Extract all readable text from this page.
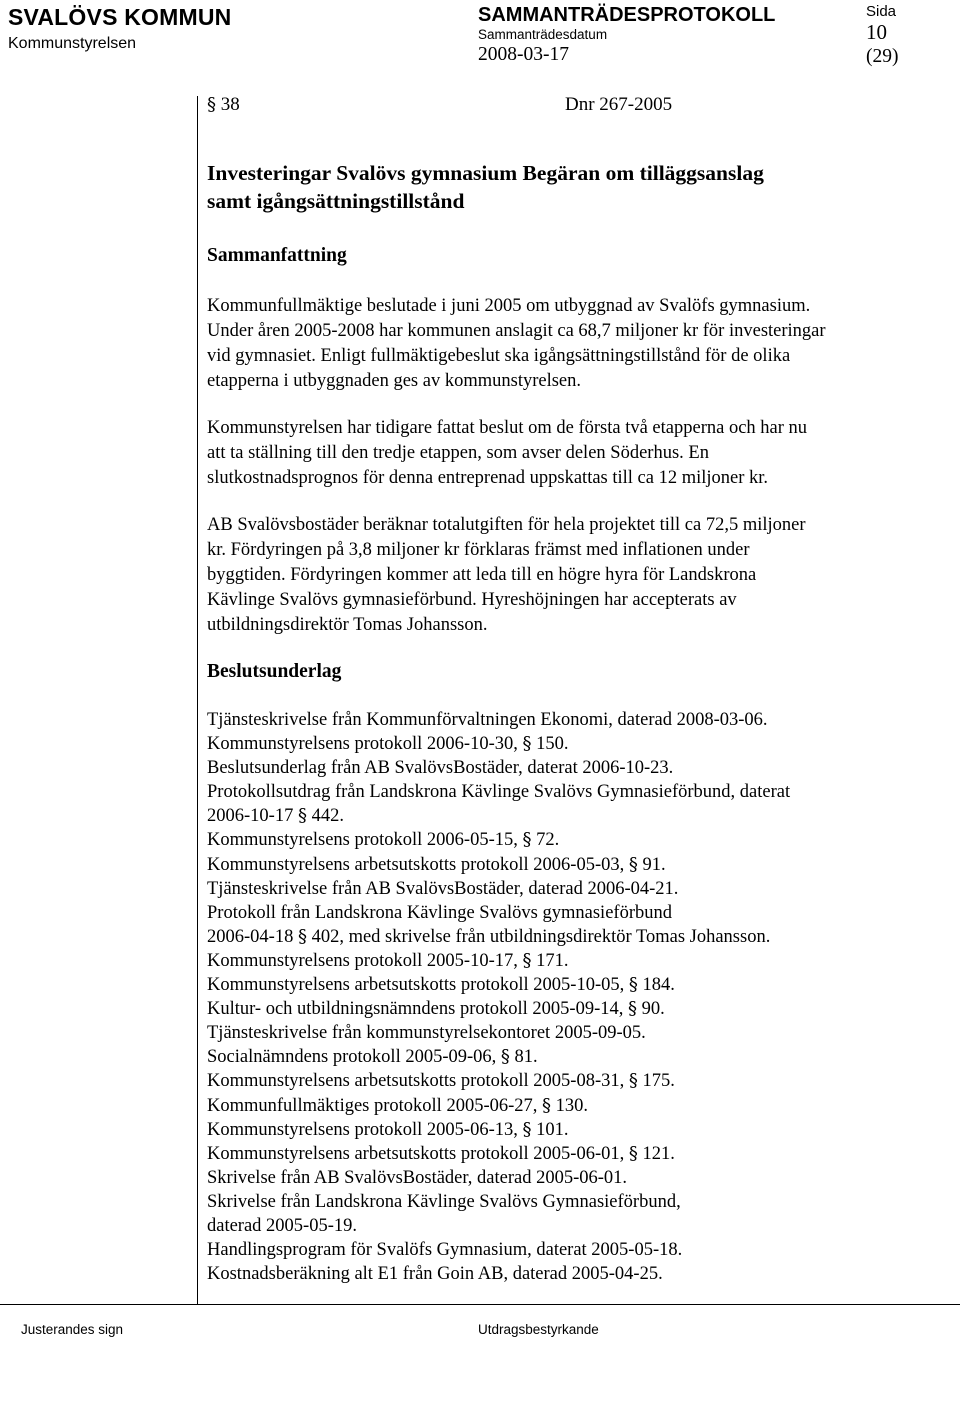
SVALÖVS KOMMUN
Kommunstyrelsen
SAMMANTRÄDESPROTOKOLL
Sammanträdesdatum
2008-03-17
Sida
10
(29)
§ 38	Dnr 267-2005
Investeringar Svalövs gymnasium Begäran om tilläggsanslag
samt igångsättningstillstånd
Sammanfattning
Kommunfullmäktige beslutade i juni 2005 om utbyggnad av Svalöfs gymnasium.
Under åren 2005-2008 har kommunen anslagit ca 68,7 miljoner kr för investeringar
vid gymnasiet. Enligt fullmäktigebeslut ska igångsättningstillstånd för de olika
etapperna i utbyggnaden ges av kommunstyrelsen.
Kommunstyrelsen har tidigare fattat beslut om de första två etapperna och har nu
att ta ställning till den tredje etappen, som avser delen Söderhus. En
slutkostnadsprognos för denna entreprenad uppskattas till ca 12 miljoner kr.
AB Svalövsbostäder beräknar totalutgiften för hela projektet till ca 72,5 miljoner
kr. Fördyringen på 3,8 miljoner kr förklaras främst med inflationen under
byggtiden. Fördyringen kommer att leda till en högre hyra för Landskrona
Kävlinge Svalövs gymnasieförbund. Hyreshöjningen har accepterats av
utbildningsdirektör Tomas Johansson.
Beslutsunderlag
Tjänsteskrivelse från Kommunförvaltningen Ekonomi, daterad 2008-03-06.
Kommunstyrelsens protokoll 2006-10-30, § 150.
Beslutsunderlag från AB SvalövsBostäder, daterat 2006-10-23.
Protokollsutdrag från Landskrona Kävlinge Svalövs Gymnasieförbund, daterat
2006-10-17 § 442.
Kommunstyrelsens protokoll 2006-05-15, § 72.
Kommunstyrelsens arbetsutskotts protokoll 2006-05-03, § 91.
Tjänsteskrivelse från AB SvalövsBostäder, daterad 2006-04-21.
Protokoll från Landskrona Kävlinge Svalövs gymnasieförbund
2006-04-18 § 402, med skrivelse från utbildningsdirektör Tomas Johansson.
Kommunstyrelsens protokoll 2005-10-17, § 171.
Kommunstyrelsens arbetsutskotts protokoll 2005-10-05, § 184.
Kultur- och utbildningsnämndens protokoll 2005-09-14, § 90.
Tjänsteskrivelse från kommunstyrelsekontoret 2005-09-05.
Socialnämndens protokoll 2005-09-06, § 81.
Kommunstyrelsens arbetsutskotts protokoll 2005-08-31, § 175.
Kommunfullmäktiges protokoll 2005-06-27, § 130.
Kommunstyrelsens protokoll 2005-06-13, § 101.
Kommunstyrelsens arbetsutskotts protokoll 2005-06-01, § 121.
Skrivelse från AB SvalövsBostäder, daterad 2005-06-01.
Skrivelse från Landskrona Kävlinge Svalövs Gymnasieförbund,
daterad 2005-05-19.
Handlingsprogram för Svalöfs Gymnasium, daterat 2005-05-18.
Kostnadsberäkning alt E1 från Goin AB, daterad 2005-04-25.
Justerandes sign	Utdragsbestyrkande
